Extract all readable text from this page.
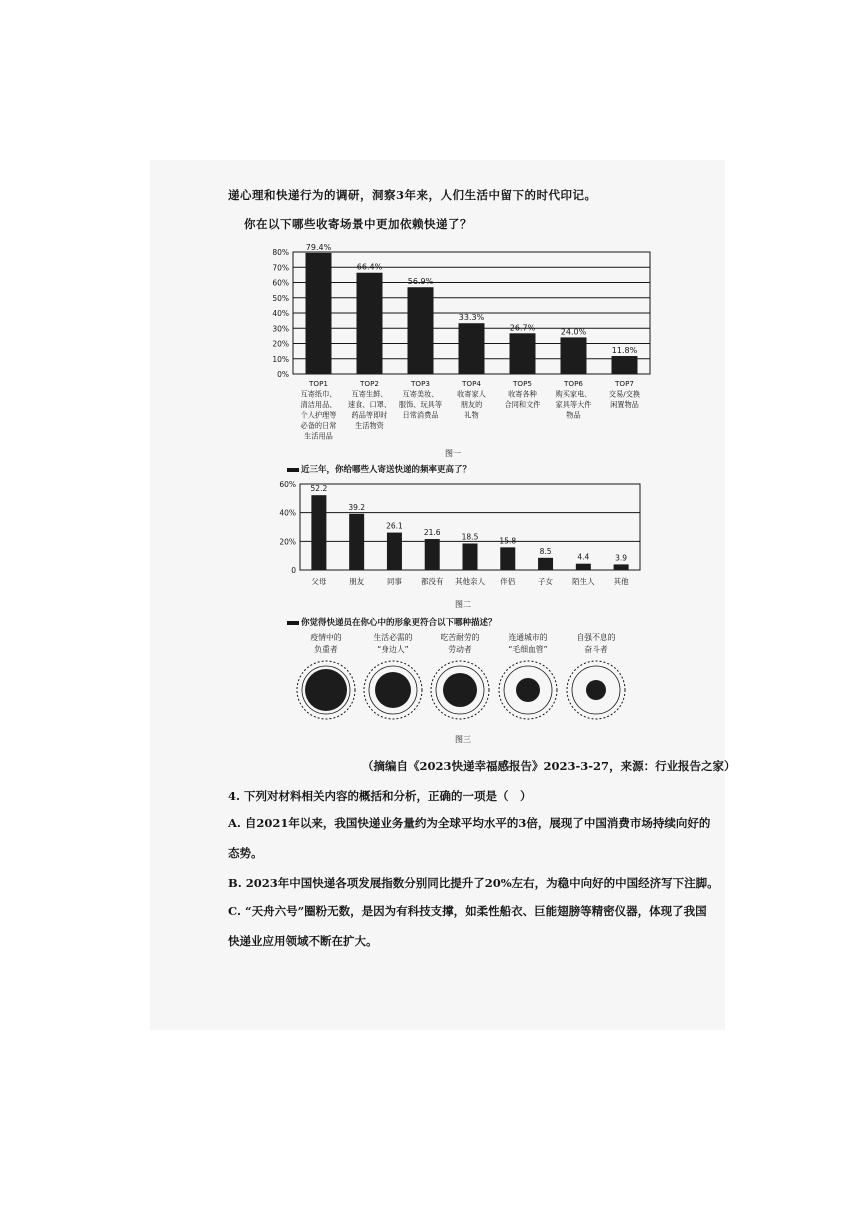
递心理和快递行为的调研，洞察3年来，人们生活中留下的时代印记。
你在以下哪些收寄场景中更加依赖快递了？
80%
70%
60%
50%
40%
30%
20%
10%
0%
79.4%
TOP1
互寄纸巾、
清洁用品、
个人护理等
必备的日常
生活用品
66.4%
TOP2
互寄生鲜、
速食、口罩、
药品等即时
生活物资
56.9%
TOP3
互寄美妆、
服饰、玩具等
日常消费品
33.3%
TOP4
收寄家人
朋友的
礼物
26.7%
TOP5
收寄各种
合同和文件
24.0%
TOP6
购买家电、
家具等大件
物品
11.8%
TOP7
交易/交换
闲置物品
图一
近三年，你给哪些人寄送快递的频率更高了？
60%
40%
20%
0
52.2
父母
39.2
朋友
26.1
同事
21.6
都没有
18.5
其他亲人
15.8
伴侣
8.5
子女
4.4
陌生人
3.9
其他
图二
你觉得快递员在你心中的形象更符合以下哪种描述？
疫情中的
负重者
生活必需的
“身边人”
吃苦耐劳的
劳动者
连通城市的
“毛细血管”
自强不息的
奋斗者
图三
（摘编自《2023快递幸福感报告》2023-3-27，来源：行业报告之家）
4. 下列对材料相关内容的概括和分析，正确的一项是（　）
A. 自2021年以来，我国快递业务量约为全球平均水平的3倍，展现了中国消费市场持续向好的
态势。
B. 2023年中国快递各项发展指数分别同比提升了20%左右，为稳中向好的中国经济写下注脚。
C. “天舟六号”圈粉无数，是因为有科技支撑，如柔性船衣、巨能翅膀等精密仪器，体现了我国
快递业应用领域不断在扩大。
